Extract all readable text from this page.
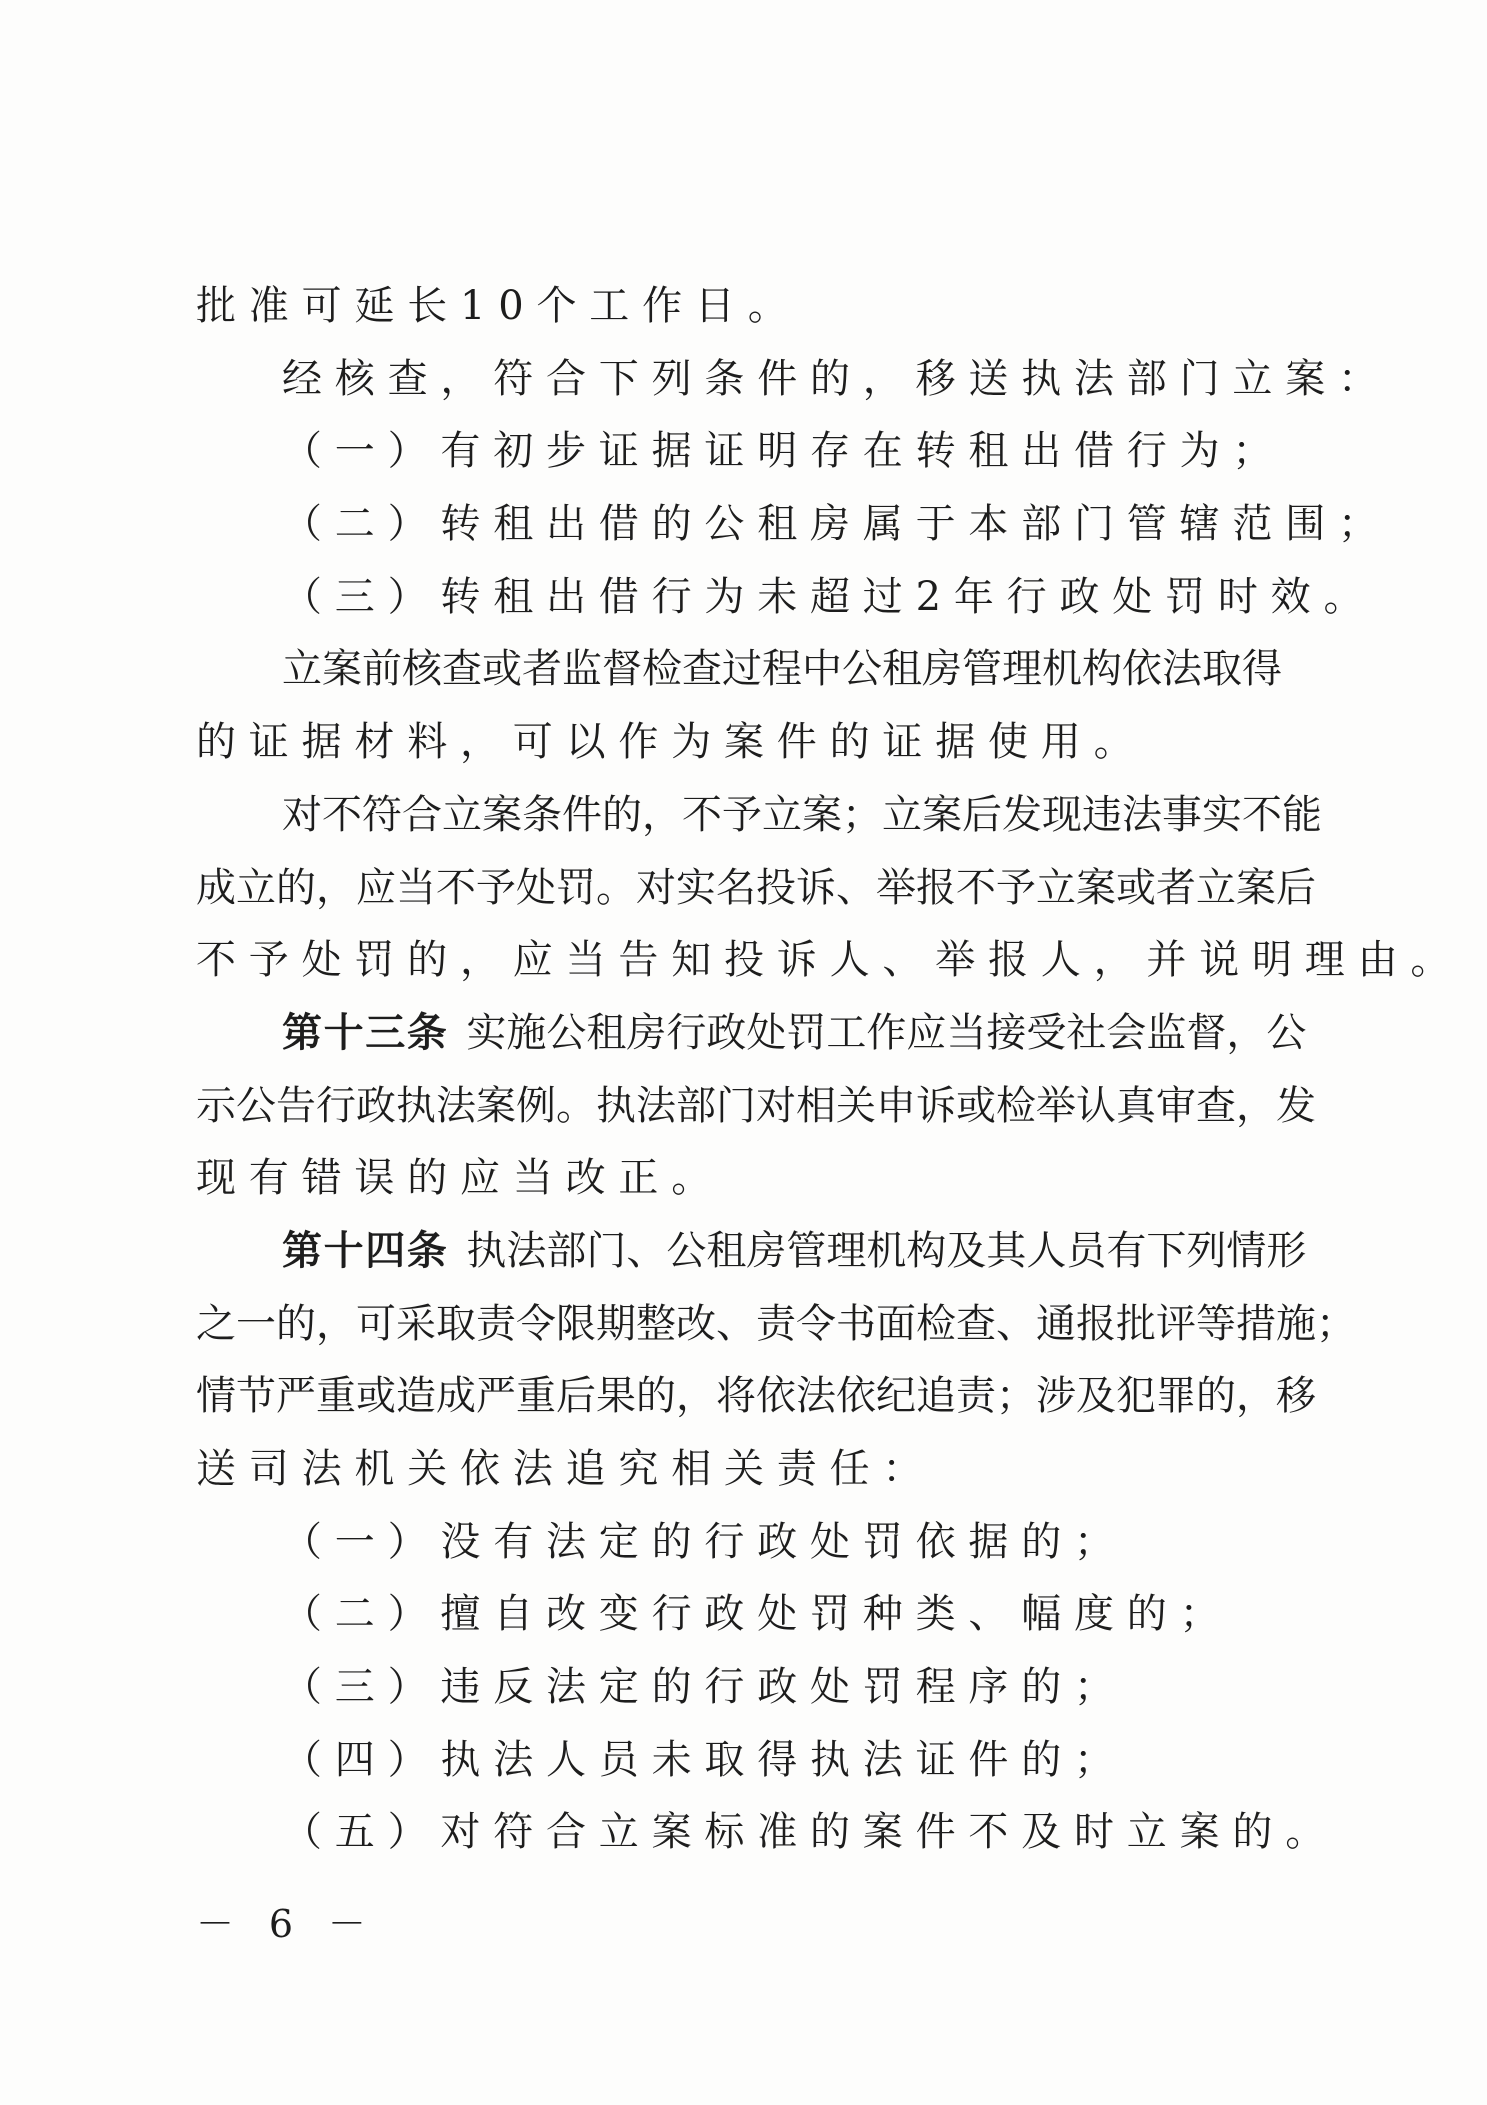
批准可延长10个工作日。
经核查，符合下列条件的，移送执法部门立案：
（一）有初步证据证明存在转租出借行为；
（二）转租出借的公租房属于本部门管辖范围；
（三）转租出借行为未超过2年行政处罚时效。
立案前核查或者监督检查过程中公租房管理机构依法取得
的证据材料，可以作为案件的证据使用。
对不符合立案条件的，不予立案；立案后发现违法事实不能
成立的，应当不予处罚。对实名投诉、举报不予立案或者立案后
不予处罚的，应当告知投诉人、举报人，并说明理由。
第十三条 实施公租房行政处罚工作应当接受社会监督，公
示公告行政执法案例。执法部门对相关申诉或检举认真审查，发
现有错误的应当改正。
第十四条 执法部门、公租房管理机构及其人员有下列情形
之一的，可采取责令限期整改、责令书面检查、通报批评等措施；
情节严重或造成严重后果的，将依法依纪追责；涉及犯罪的，移
送司法机关依法追究相关责任：
（一）没有法定的行政处罚依据的；
（二）擅自改变行政处罚种类、幅度的；
（三）违反法定的行政处罚程序的；
（四）执法人员未取得执法证件的；
（五）对符合立案标准的案件不及时立案的。
－ 6 －
